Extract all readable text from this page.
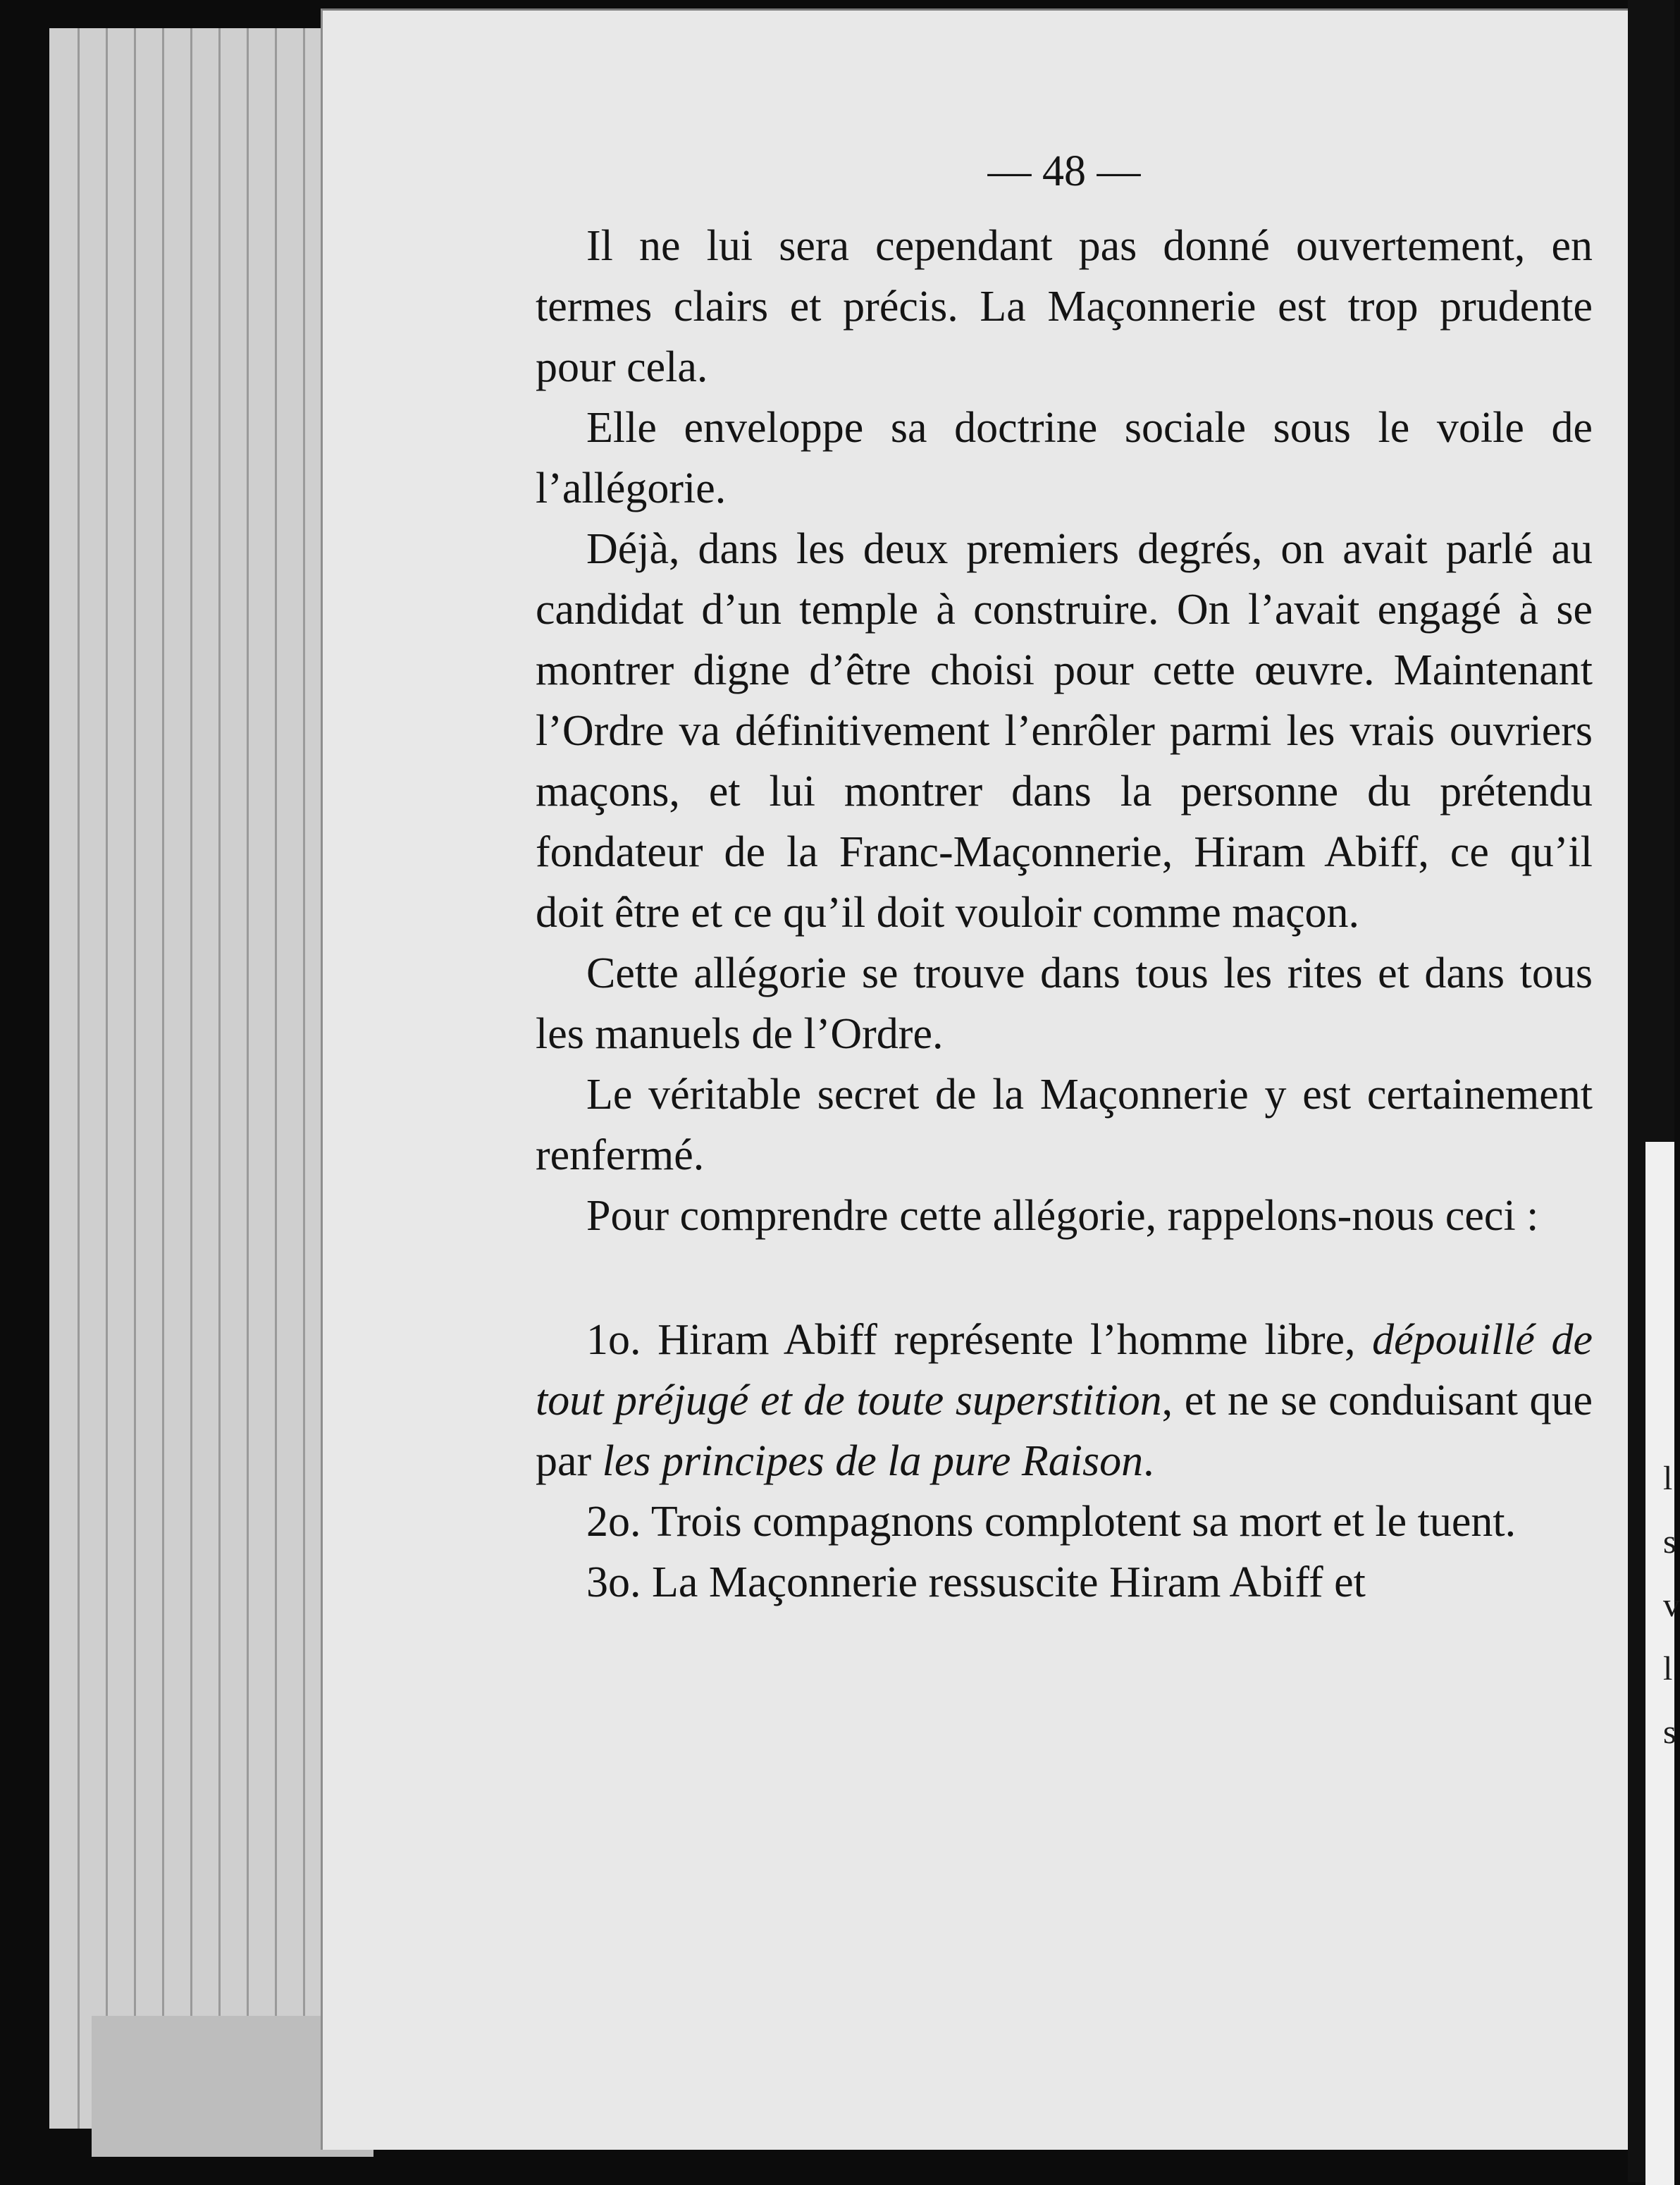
l
s
v
l
s
— 48 —

Il ne lui sera cependant pas donné ouvertement, en termes clairs et précis. La Maçonnerie est trop prudente pour cela.

Elle enveloppe sa doctrine sociale sous le voile de l’allégorie.

Déjà, dans les deux premiers degrés, on avait parlé au candidat d’un temple à construire. On l’avait engagé à se montrer digne d’être choisi pour cette œuvre. Maintenant l’Ordre va définitivement l’enrôler parmi les vrais ouvriers maçons, et lui montrer dans la personne du prétendu fondateur de la Franc-Maçonnerie, Hiram Abiff, ce qu’il doit être et ce qu’il doit vouloir comme maçon.

Cette allégorie se trouve dans tous les rites et dans tous les manuels de l’Ordre.

Le véritable secret de la Maçonnerie y est certainement renfermé.

Pour comprendre cette allégorie, rappelons-nous ceci :

1o. Hiram Abiff représente l’homme libre, dépouillé de tout préjugé et de toute superstition, et ne se conduisant que par les principes de la pure Raison.

2o. Trois compagnons complotent sa mort et le tuent.

3o. La Maçonnerie ressuscite Hiram Abiff et
